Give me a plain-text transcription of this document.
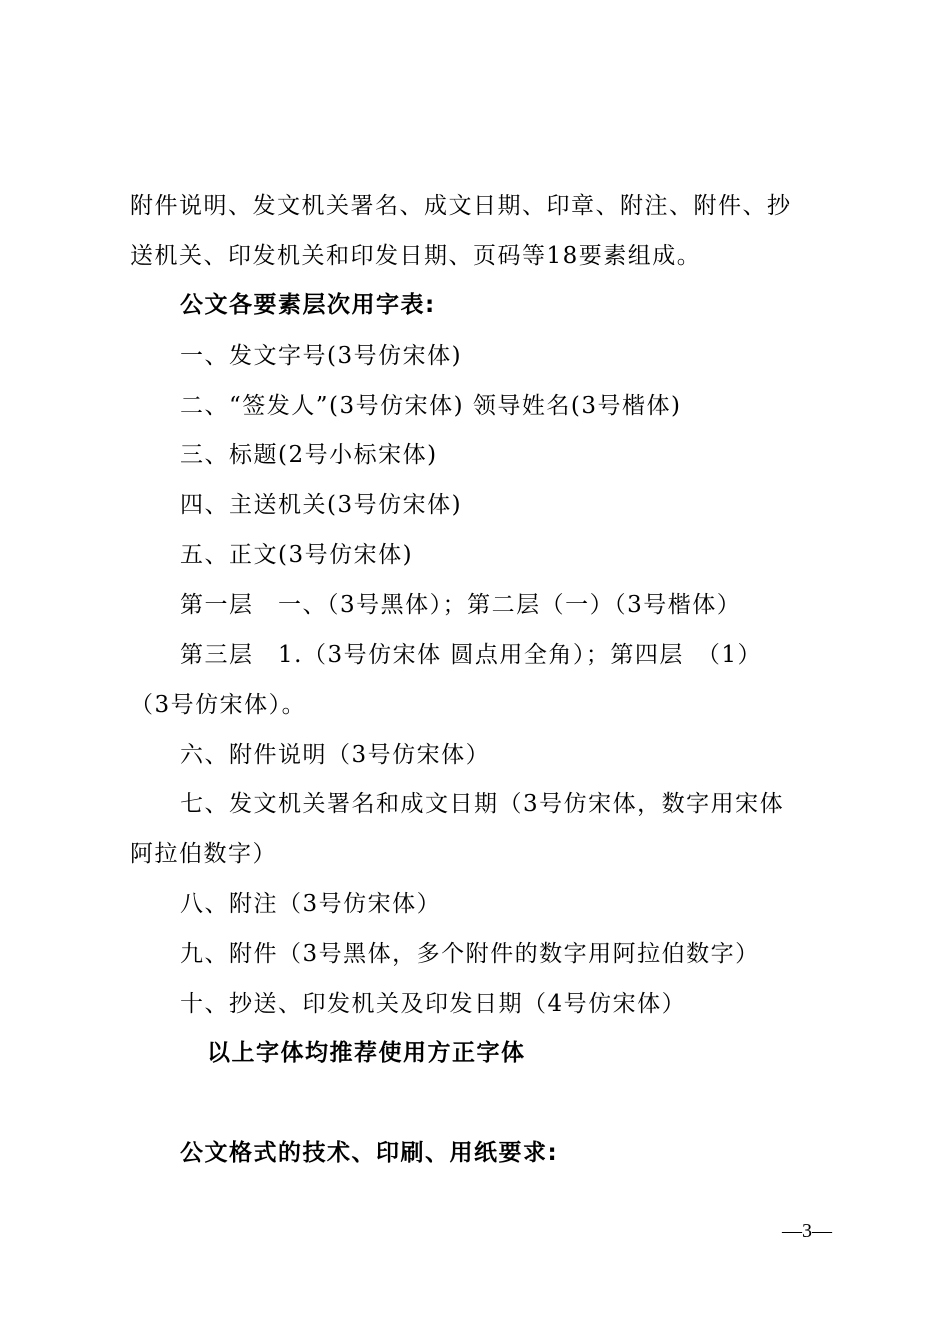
附件说明、发文机关署名、成文日期、印章、附注、附件、抄
送机关、印发机关和印发日期、页码等18要素组成。
公文各要素层次用字表:
一、发文字号(3号仿宋体)
二、“签发人”(3号仿宋体) 领导姓名(3号楷体)
三、标题(2号小标宋体)
四、主送机关(3号仿宋体)
五、正文(3号仿宋体)
第一层　一、（3号黑体）；第二层（一）（3号楷体）
第三层　1.（3号仿宋体 圆点用全角）；第四层　（1）
（3号仿宋体）。
六、附件说明（3号仿宋体）
七、发文机关署名和成文日期（3号仿宋体，数字用宋体
阿拉伯数字）
八、附注（3号仿宋体）
九、附件（3号黑体，多个附件的数字用阿拉伯数字）
十、抄送、印发机关及印发日期（4号仿宋体）
以上字体均推荐使用方正字体
公文格式的技术、印刷、用纸要求:
—3—
